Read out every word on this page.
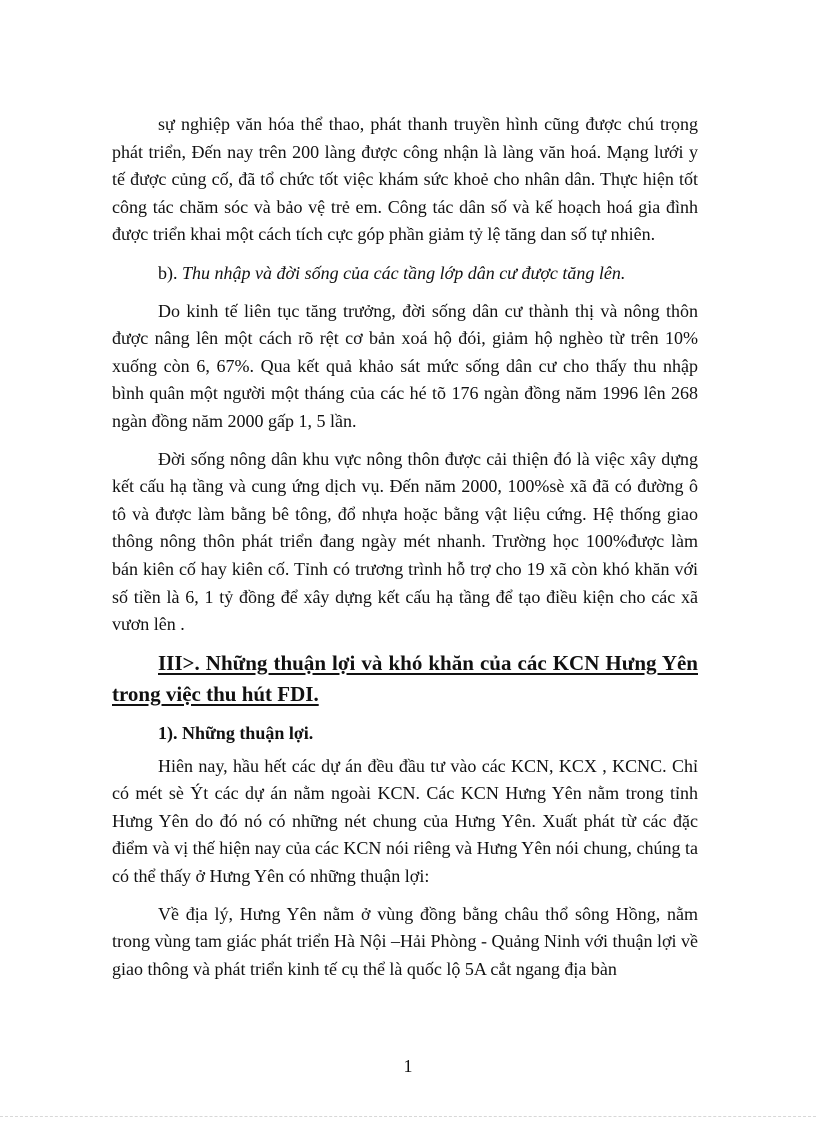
sự nghiệp văn hóa thể thao, phát thanh truyền hình cũng được chú trọng phát triển, Đến nay trên 200 làng được công nhận là làng văn hoá. Mạng lưới y tế được củng cố, đã tổ chức tốt việc khám sức khoẻ cho nhân dân. Thực hiện tốt công tác chăm sóc và bảo vệ trẻ em. Công tác dân số và kế hoạch hoá gia đình được triển khai một cách tích cực góp phần giảm tỷ lệ tăng dan số tự nhiên.

b). Thu nhập và đời sống của các tầng lớp dân cư được tăng lên.

Do kinh tế liên tục tăng trưởng, đời sống dân cư thành thị và nông thôn được nâng lên một cách rõ rệt cơ bản xoá hộ đói, giảm hộ nghèo từ trên 10% xuống còn 6, 67%. Qua kết quả khảo sát mức sống dân cư cho thấy thu nhập bình quân một người một tháng của các hé tõ 176 ngàn đồng năm 1996 lên 268 ngàn đồng năm 2000 gấp 1, 5 lần.

Đời sống nông dân khu vực nông thôn được cải thiện đó là việc xây dựng kết cấu hạ tầng và cung ứng dịch vụ. Đến năm 2000, 100%sè xã đã có đường ô tô và được làm bằng bê tông, đổ nhựa hoặc bằng vật liệu cứng. Hệ thống giao thông nông thôn phát triển đang ngày mét nhanh. Trường học 100%được làm bán kiên cố hay kiên cố. Tỉnh có trương trình hỗ trợ cho 19 xã còn khó khăn với số tiền là 6, 1 tỷ đồng để xây dựng kết cấu hạ tầng để tạo điều kiện cho các xã vươn lên .

III>. Những thuận lợi và khó khăn của các KCN Hưng Yên trong việc thu hút FDI.
1). Những thuận lợi.

Hiên nay, hầu hết các dự án đều đầu tư vào các KCN, KCX , KCNC. Chỉ có mét sè Ýt các dự án nằm ngoài KCN. Các KCN Hưng Yên nằm trong tỉnh Hưng Yên do đó nó có những nét chung của Hưng Yên. Xuất phát từ các đặc điểm và vị thế hiện nay của các KCN nói riêng và Hưng Yên nói chung, chúng ta có thể thấy ở Hưng Yên có những thuận lợi:

Về địa lý, Hưng Yên nằm ở vùng đồng bằng châu thổ sông Hồng, nằm trong vùng tam giác phát triển Hà Nội –Hải Phòng - Quảng Ninh với thuận lợi về giao thông và phát triển kinh tế cụ thể là quốc lộ 5A cắt ngang địa bàn

1
